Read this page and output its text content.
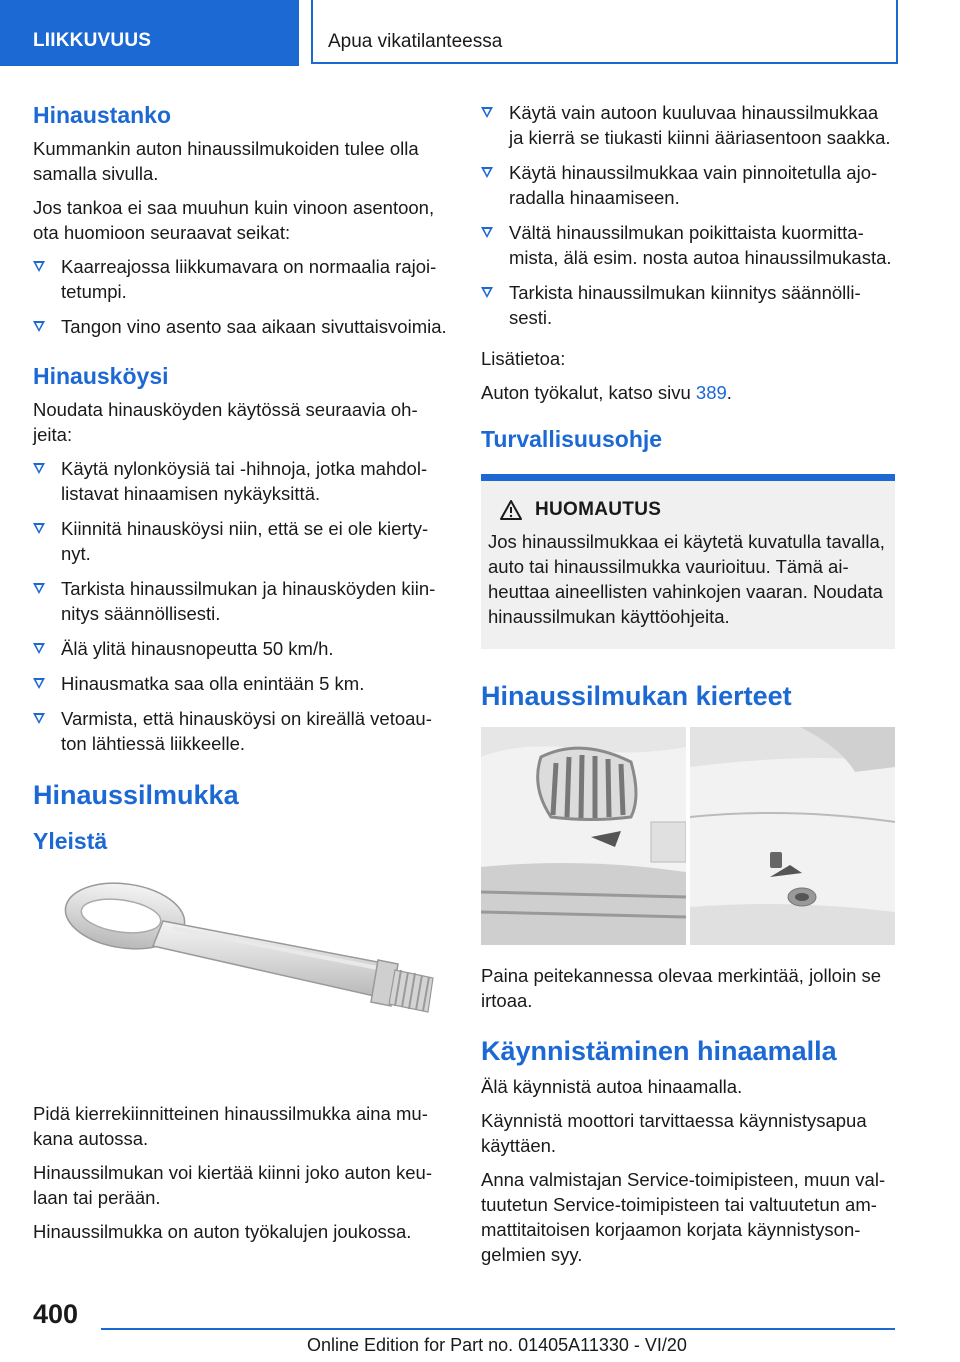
LIIKKUVUUS	Apua vikatilanteessa
Hinaustanko

Kummankin auton hinaussilmukoiden tulee olla samalla sivulla.

Jos tankoa ei saa muuhun kuin vinoon asentoon, ota huomioon seuraavat seikat:

Kaarreajossa liikkumavara on normaalia rajoitetumpi.
Tangon vino asento saa aikaan sivuttaisvoimia.
Hinausköysi

Noudata hinausköyden käytössä seuraavia ohjeita:

Käytä nylonköysiä tai -hihnoja, jotka mahdollistavat hinaamisen nykäyksittä.
Kiinnitä hinausköysi niin, että se ei ole kiertynyt.
Tarkista hinaussilmukan ja hinausköyden kiinnitys säännöllisesti.
Älä ylitä hinausnopeutta 50 km/h.
Hinausmatka saa olla enintään 5 km.
Varmista, että hinausköysi on kireällä vetoauton lähtiessä liikkeelle.
Hinaussilmukka
Yleistä

Pidä kierrekiinnitteinen hinaussilmukka aina mukana autossa.

Hinaussilmukan voi kiertää kiinni joko auton keulaan tai perään.

Hinaussilmukka on auton työkalujen joukossa.

Käytä vain autoon kuuluvaa hinaussilmukkaa ja kierrä se tiukasti kiinni ääriasentoon saakka.
Käytä hinaussilmukkaa vain pinnoitetulla ajoradalla hinaamiseen.
Vältä hinaussilmukan poikittaista kuormittamista, älä esim. nosta autoa hinaussilmukasta.
Tarkista hinaussilmukan kiinnitys säännöllisesti.

Lisätietoa:

Auton työkalut, katso sivu 389.

Turvallisuusohje
HUOMAUTUS

Jos hinaussilmukkaa ei käytetä kuvatulla tavalla, auto tai hinaussilmukka vaurioituu. Tämä aiheuttaa aineellisten vahinkojen vaaran. Noudata hinaussilmukan käyttöohjeita.

Hinaussilmukan kierteet

Paina peitekannessa olevaa merkintää, jolloin se irtoaa.

Käynnistäminen hinaamalla

Älä käynnistä autoa hinaamalla.

Käynnistä moottori tarvittaessa käynnistysapua käyttäen.

Anna valmistajan Service-toimipisteen, muun valtuutetun Service-toimipisteen tai valtuutetun ammattitaitoisen korjaamon korjata käynnistysongelmien syy.

400
Online Edition for Part no. 01405A11330 - VI/20
